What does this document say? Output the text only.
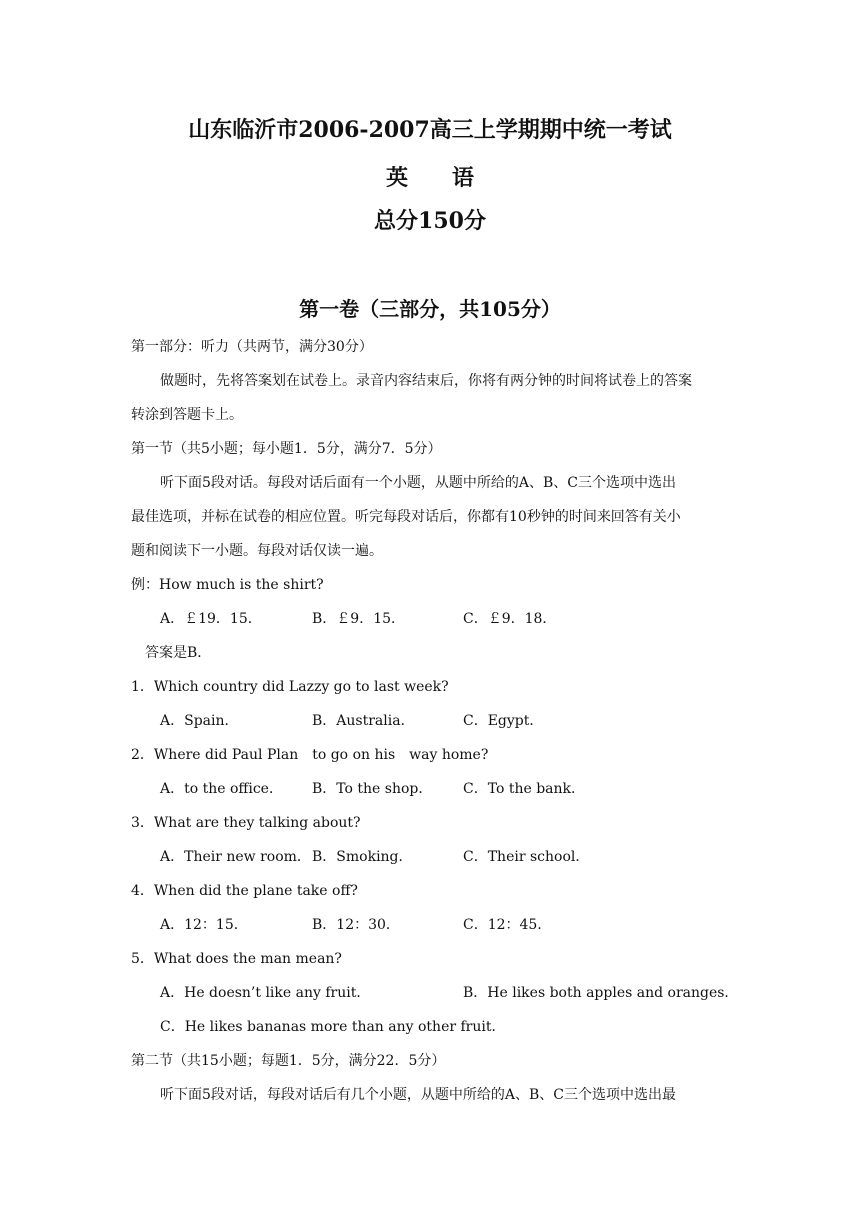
山东临沂市2006-2007高三上学期期中统一考试
英　　语
总分150分
第一卷（三部分，共105分）
第一部分：听力（共两节，满分30分）
做题时，先将答案划在试卷上。录音内容结束后，你将有两分钟的时间将试卷上的答案
转涂到答题卡上。
第一节（共5小题；每小题1．5分，满分7．5分）
听下面5段对话。每段对话后面有一个小题，从题中所给的A、B、C三个选项中选出
最佳选项，并标在试卷的相应位置。听完每段对话后，你都有10秒钟的时间来回答有关小
题和阅读下一小题。每段对话仅读一遍。
例：How much is the shirt?
A．￡19．15．	B．￡9．15．	C．￡9．18．
答案是B．
1．Which country did Lazzy go to last week?
A．Spain．	B．Australia．	C．Egypt．
2．Where did Paul Plan　to go on his　way home?
A．to the office． B．To the shop． C．To the bank．
3．What are they talking about?
A．Their new room． B．Smoking．	C．Their school．
4．When did the plane take off?
A．12：15．	B．12：30．	C．12：45．
5．What does the man mean?
A．He doesn’t like any fruit．	B．He likes both apples and oranges．
C．He likes bananas more than any other fruit．
第二节（共15小题；每题1．5分，满分22．5分）
听下面5段对话，每段对话后有几个小题，从题中所给的A、B、C三个选项中选出最
